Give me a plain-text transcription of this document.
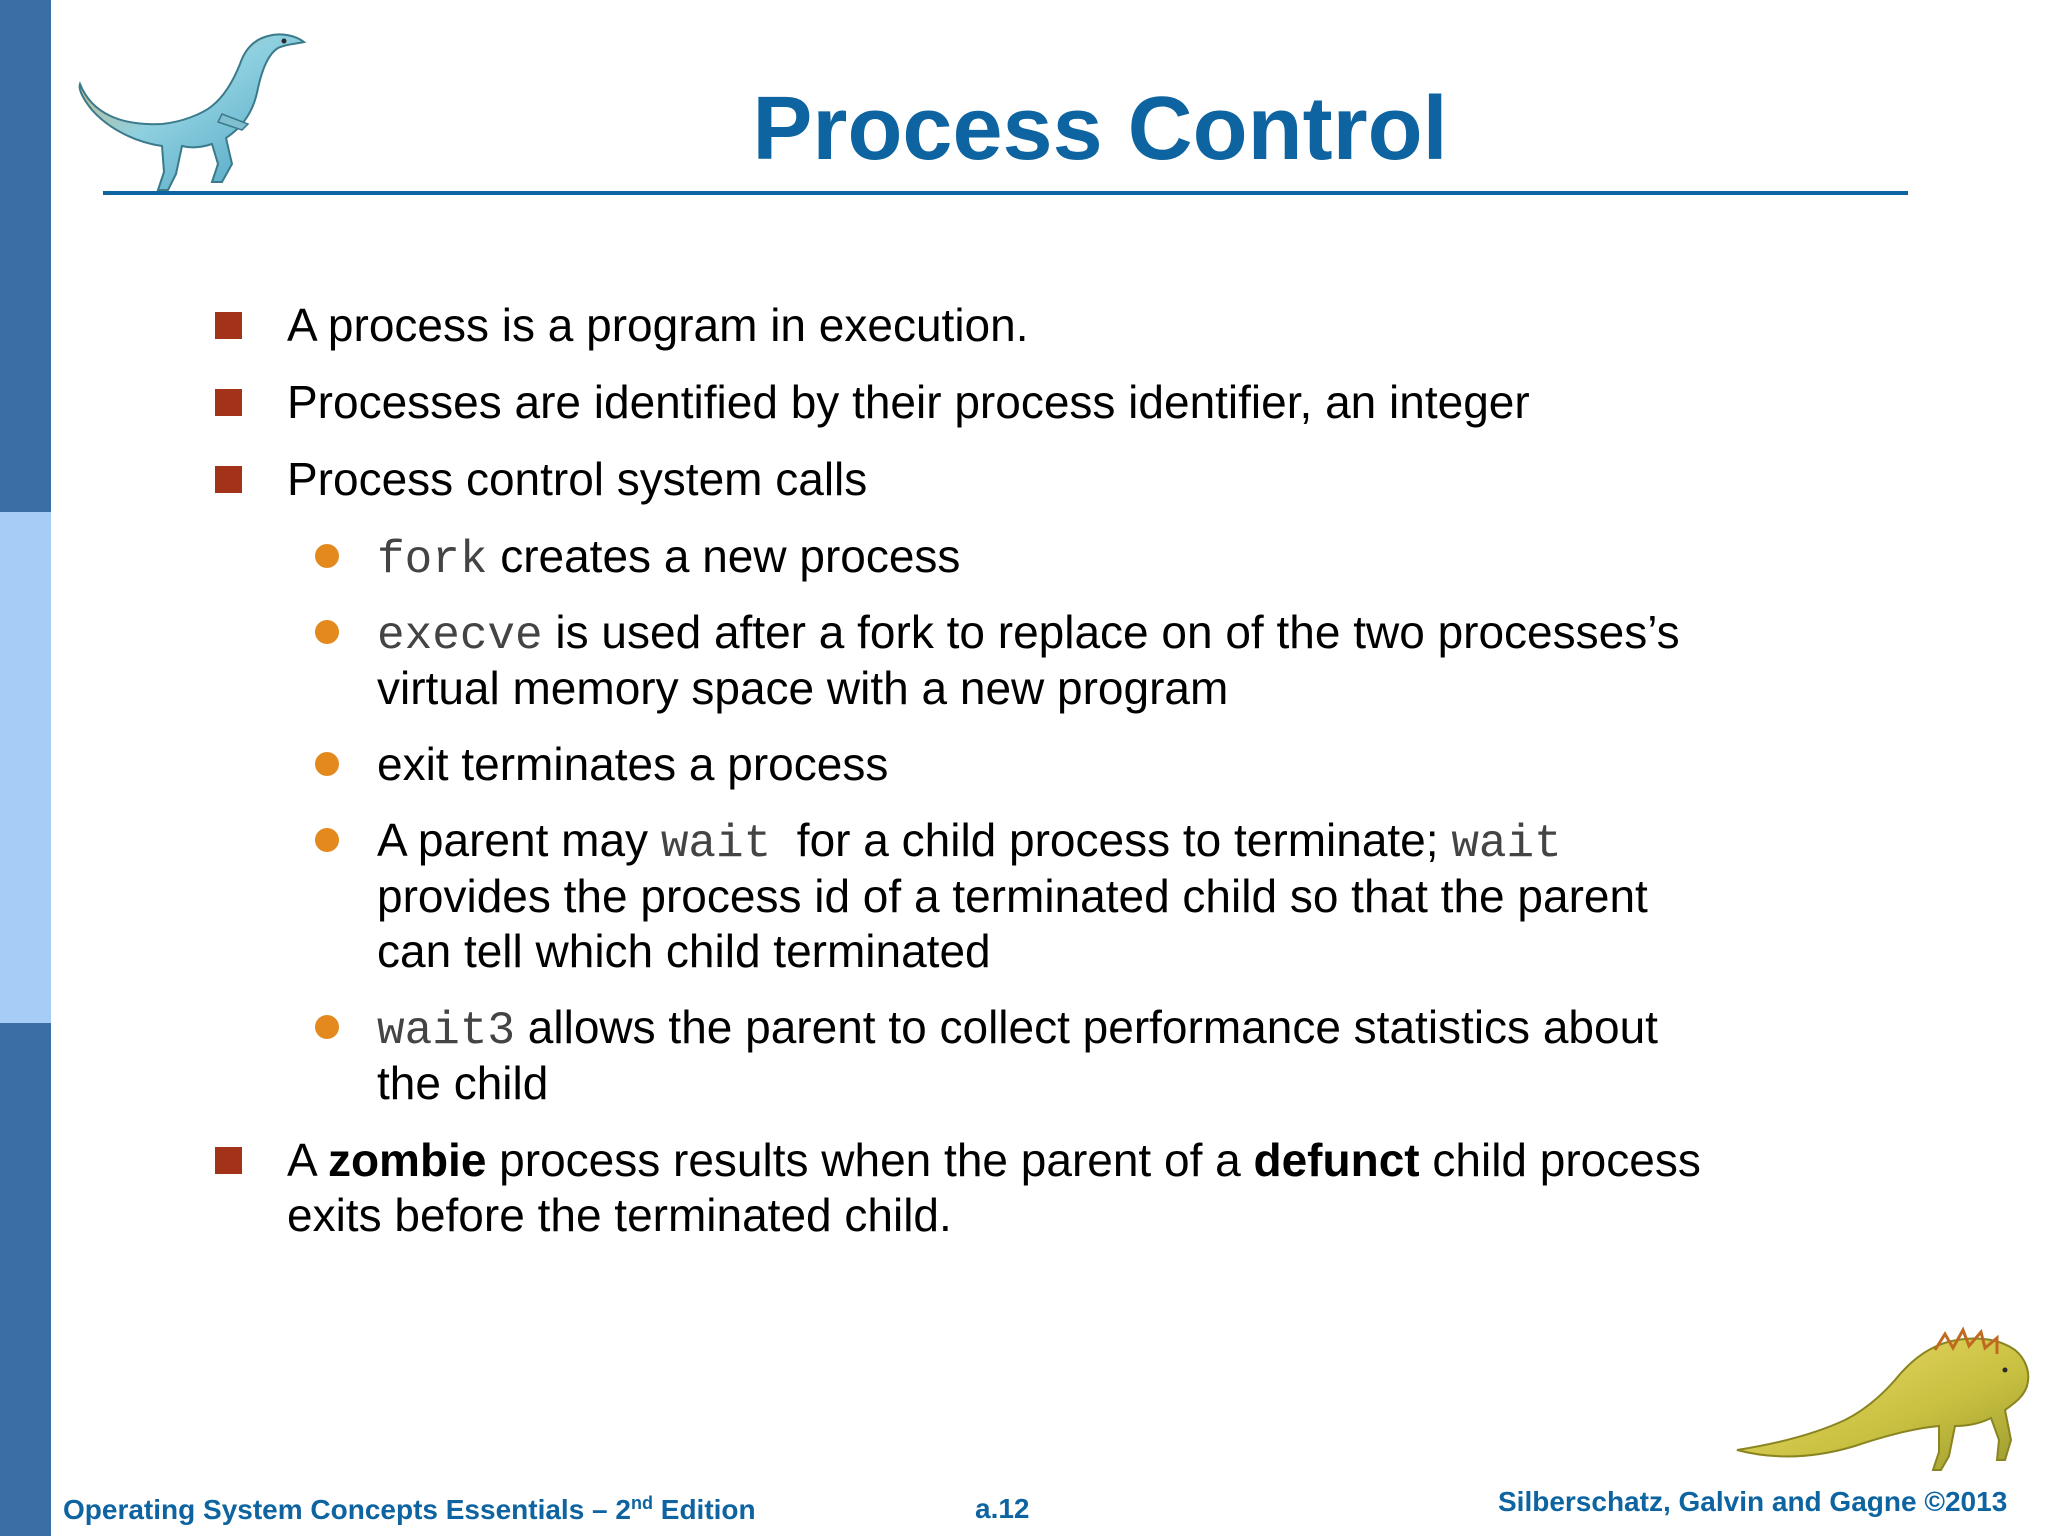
Process Control
A process is a program in execution.
Processes are identified by their process identifier, an integer
Process control system calls
fork creates a new process
execve is used after a fork to replace on of the two processes’s
virtual memory space with a new program
exit terminates a process
A parent may wait  for a child process to terminate; wait
provides the process id of a terminated child so that the parent
can tell which child terminated
wait3 allows the parent to collect performance statistics about
the child
A zombie process results when the parent of a defunct child process
exits before the terminated child.
Operating System Concepts Essentials – 2nd Edition	a.12	Silberschatz, Galvin and Gagne ©2013
